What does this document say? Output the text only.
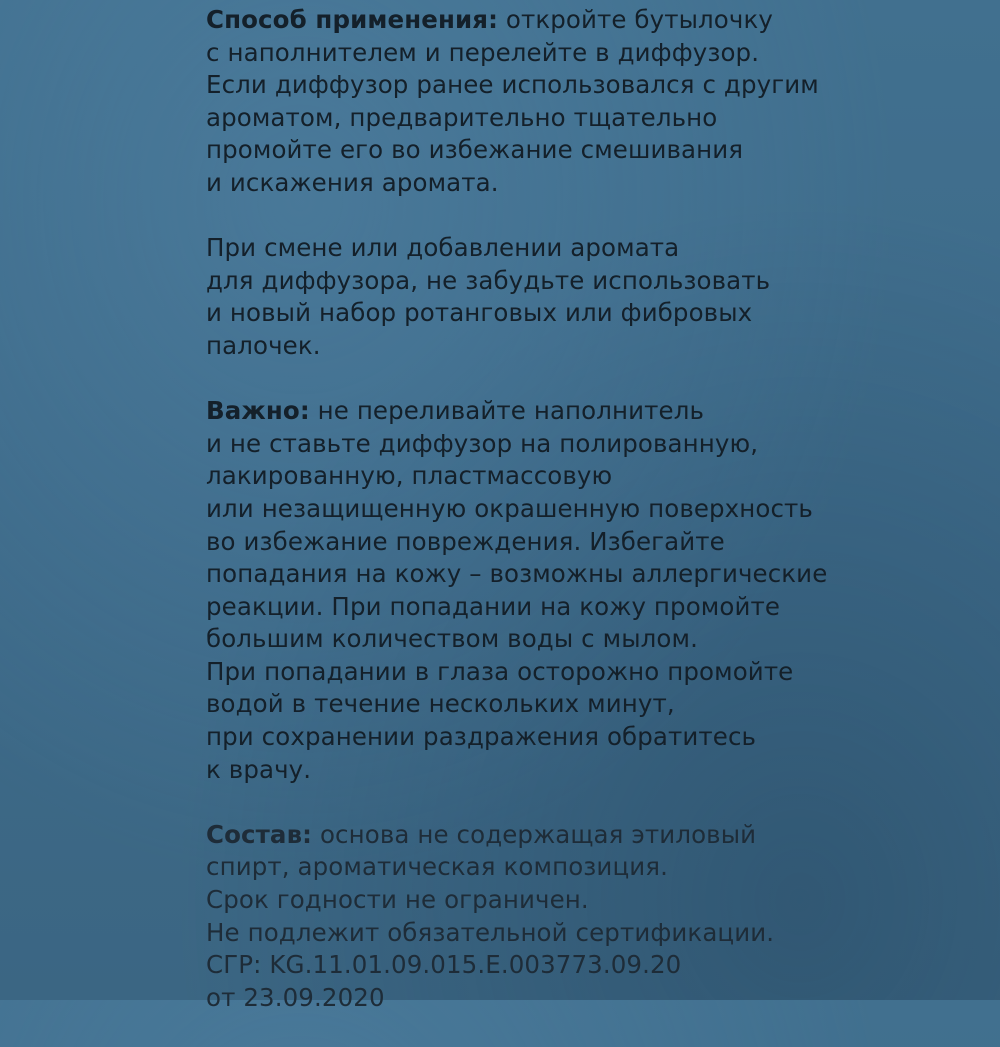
Способ применения: откройте бутылочку
с наполнителем и перелейте в диффузор.
Если диффузор ранее использовался с другим
ароматом, предварительно тщательно
промойте его во избежание смешивания
и искажения аромата.
При смене или добавлении аромата
для диффузора, не забудьте использовать
и новый набор ротанговых или фибровых
палочек.
Важно: не переливайте наполнитель
и не ставьте диффузор на полированную,
лакированную, пластмассовую
или незащищенную окрашенную поверхность
во избежание повреждения. Избегайте
попадания на кожу – возможны аллергические
реакции. При попадании на кожу промойте
большим количеством воды с мылом.
При попадании в глаза осторожно промойте
водой в течение нескольких минут,
при сохранении раздражения обратитесь
к врачу.
Состав: основа не содержащая этиловый
спирт, ароматическая композиция.
Срок годности не ограничен.
Не подлежит обязательной сертификации.
СГР: KG.11.01.09.015.Е.003773.09.20
от 23.09.2020
